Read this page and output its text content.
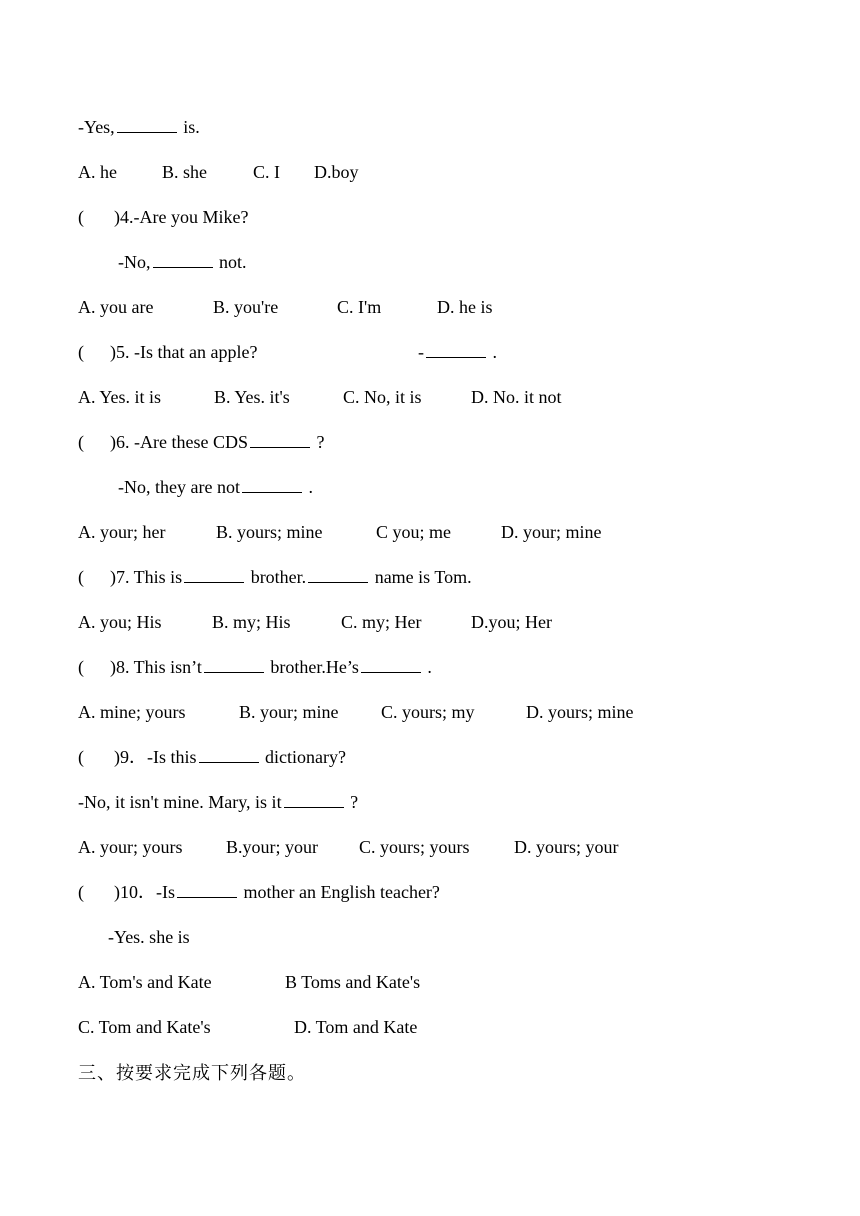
-Yes,	is.
A. he	B. she	C. I D.boy
( )4.-Are you Mike?
-No,	not.
A. you are	B. you're	C. I'm	D. he is
( )5. -Is that an apple?	-	.
A. Yes. it is	B. Yes. it's	C. No, it is	D. No. it not
( )6. -Are these CDS	?
-No, they are not	.
A. your; her	B. yours; mine	C you; me	D. your; mine
( )7. This is	brother.	name is Tom.
A. you; His	B. my; His	C. my; Her	D.you; Her
( )8. This isn’t	brother.He’s	.
A. mine; yours	B. your; mine C. yours; my	D. yours; mine
( )9．-Is this	dictionary?
-No, it isn't mine. Mary, is it	?
A. your; yours B.your; your C. yours; yours D. yours; your
( )10．-Is	mother an English teacher?
-Yes. she is
A. Tom's and Kate	B Toms and Kate's
C. Tom and Kate's	D. Tom and Kate
三、按要求完成下列各题。
